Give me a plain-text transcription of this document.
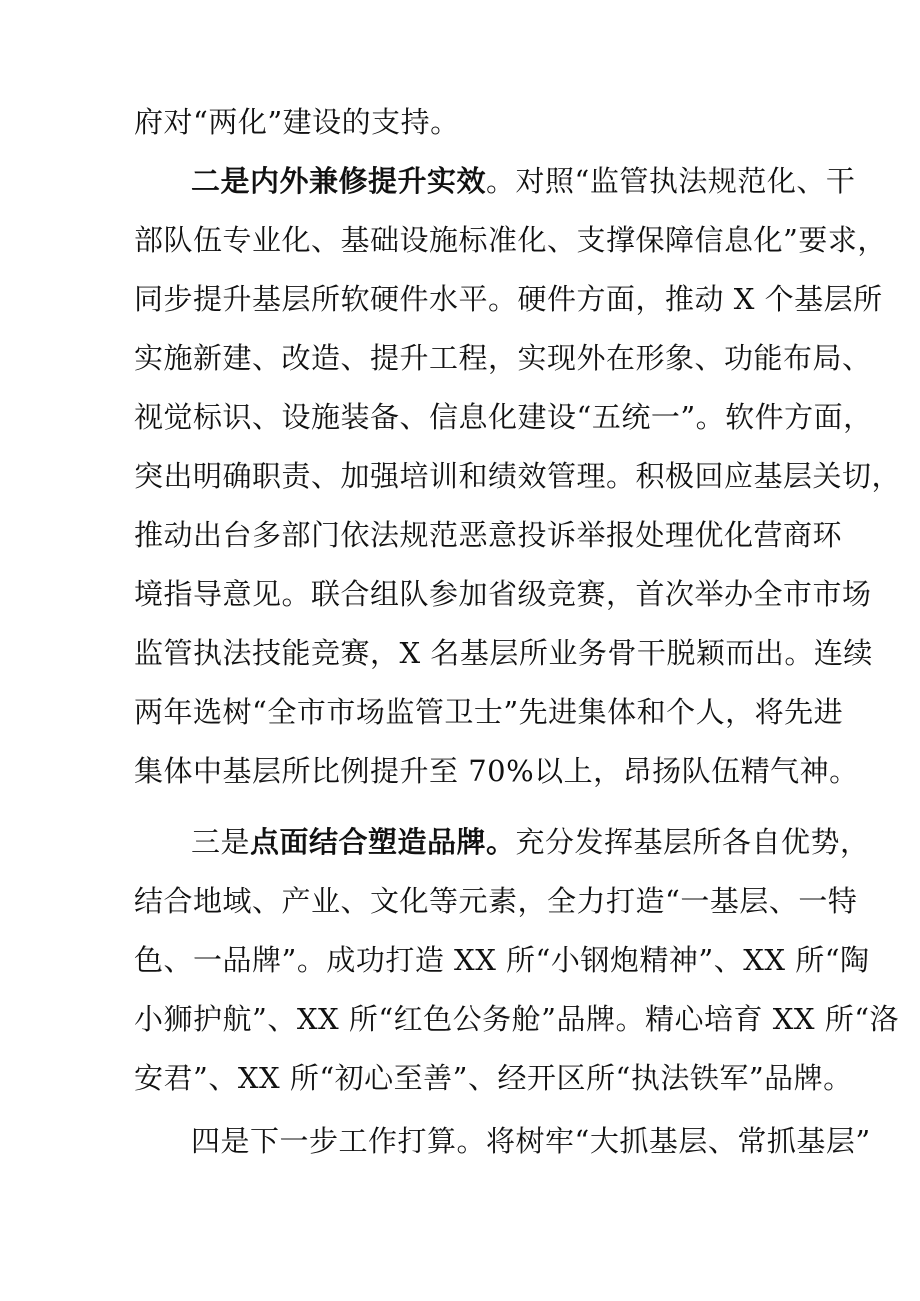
府对“两化”建设的支持。
二是内外兼修提升实效。对照“监管执法规范化、干
部队伍专业化、基础设施标准化、支撑保障信息化”要求，
同步提升基层所软硬件水平。硬件方面，推动 X 个基层所
实施新建、改造、提升工程，实现外在形象、功能布局、
视觉标识、设施装备、信息化建设“五统一”。软件方面，
突出明确职责、加强培训和绩效管理。积极回应基层关切，
推动出台多部门依法规范恶意投诉举报处理优化营商环
境指导意见。联合组队参加省级竞赛，首次举办全市市场
监管执法技能竞赛，X 名基层所业务骨干脱颖而出。连续
两年选树“全市市场监管卫士”先进集体和个人，将先进
集体中基层所比例提升至 70%以上，昂扬队伍精气神。
三是点面结合塑造品牌。充分发挥基层所各自优势，
结合地域、产业、文化等元素，全力打造“一基层、一特
色、一品牌”。成功打造 XX 所“小钢炮精神”、XX 所“陶
小狮护航”、XX 所“红色公务舱”品牌。精心培育 XX 所“洛
安君”、XX 所“初心至善”、经开区所“执法铁军”品牌。
四是下一步工作打算。将树牢“大抓基层、常抓基层”
